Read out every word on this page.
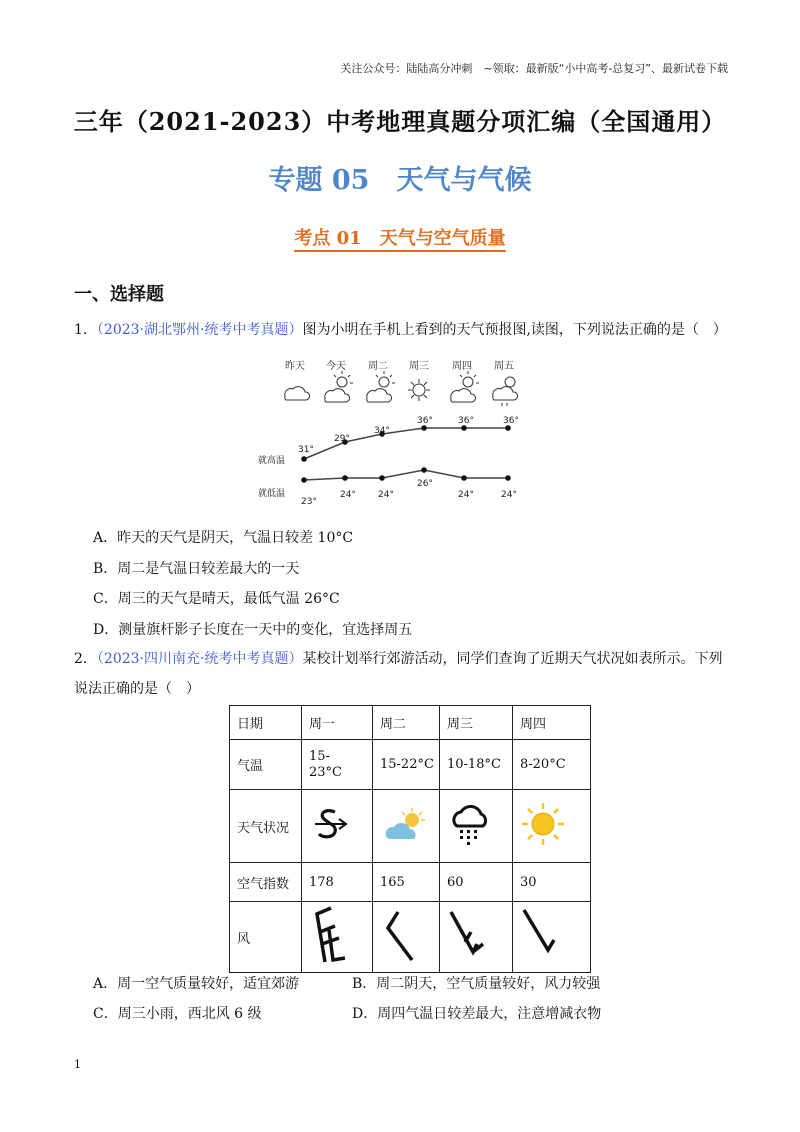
关注公众号：陆陆高分冲刺　~领取：最新版“小中高考-总复习”、最新试卷下载
三年（2021-2023）中考地理真题分项汇编（全国通用）
专题 05　天气与气候
考点 01　天气与空气质量
一、选择题
1．（2023·湖北鄂州·统考中考真题）图为小明在手机上看到的天气预报图,读图，下列说法正确的是（　）
昨天 今天 周二 周三 周四 周五
就高温
就低温
31°
29°
34°
36°	36°	36°
23°
24° 24°
26°
24°	24°
A．昨天的天气是阴天，气温日较差 10°C
B．周二是气温日较差最大的一天
C．周三的天气是晴天，最低气温 26°C
D．测量旗杆影子长度在一天中的变化，宜选择周五
2．（2023·四川南充·统考中考真题）某校计划举行郊游活动，同学们查询了近期天气状况如表所示。下列
说法正确的是（　）
日期	周一	周二	周三	周四
气温	15-
23°C	15-22°C	10-18°C	8-20°C
天气状况				
空气指数	178	165	60	30
风				
A．周一空气质量较好，适宜郊游	B．周二阴天，空气质量较好，风力较强
C．周三小雨，西北风 6 级	D．周四气温日较差最大，注意增减衣物
1
